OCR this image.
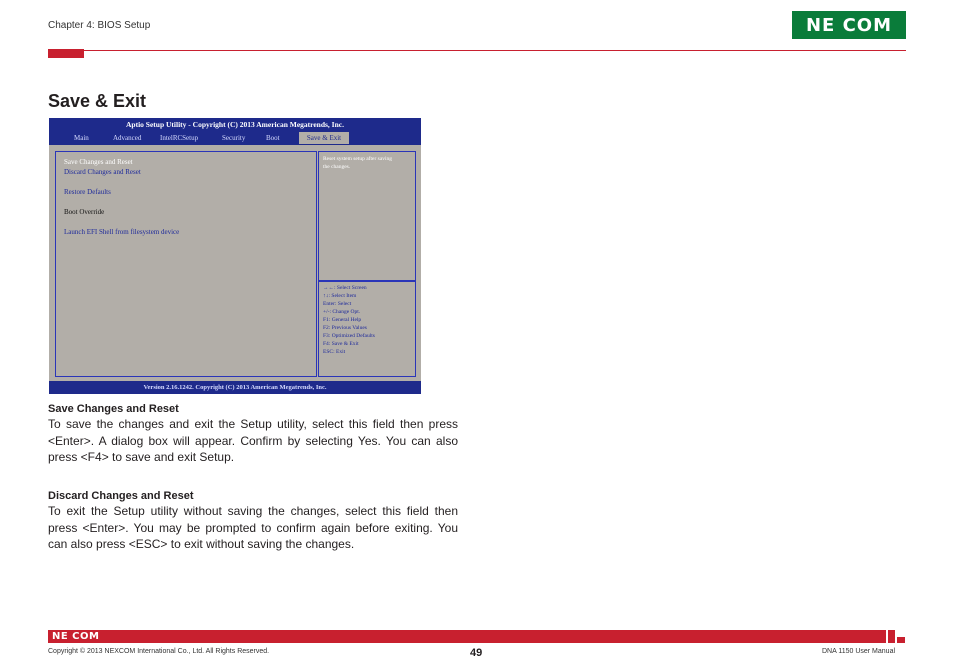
Chapter 4: BIOS Setup	NE COM
Save & Exit
Aptio Setup Utility - Copyright (C) 2013 American Megatrends, Inc.
Main	Advanced	IntelRCSetup	Security	Boot	Save & Exit
Save Changes and Reset
Discard Changes and Reset
Restore Defaults
Boot Override
Launch EFI Shell from filesystem device
Reset system setup after saving
the changes.
→←: Select Screen
↑↓: Select Item
Enter: Select
+/-: Change Opt.
F1: General Help
F2: Previous Values
F3: Optimized Defaults
F4: Save & Exit
ESC: Exit
Version 2.16.1242. Copyright (C) 2013 American Megatrends, Inc.
Save Changes and Reset
To save the changes and exit the Setup utility, select this field then press
<Enter>. A dialog box will appear. Confirm by selecting Yes. You can also
press <F4> to save and exit Setup.
Discard Changes and Reset
To exit the Setup utility without saving the changes, select this field then
press <Enter>. You may be prompted to confirm again before exiting. You
can also press <ESC> to exit without saving the changes.
NE COM
Copyright © 2013 NEXCOM International Co., Ltd. All Rights Reserved.	49	DNA 1150 User Manual
